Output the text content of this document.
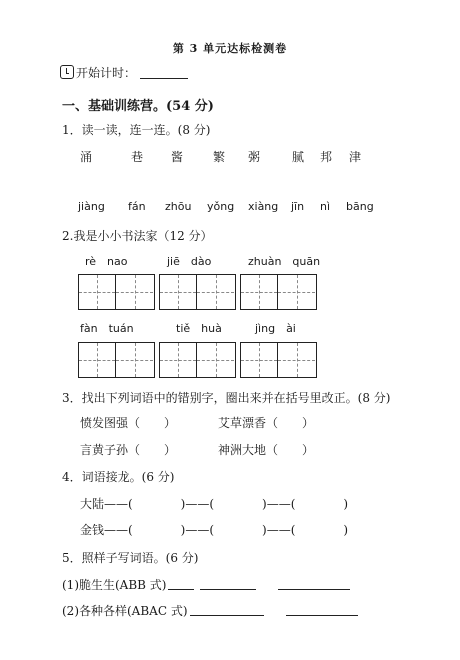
第 3 单元达标检测卷
开始计时：
一、基础训练营。(54 分)
1．读一读，连一连。(8 分)
涌	巷 酱 繁 粥	腻 邦 津
jiàng fán zhōu yǒng xiàng jīn nì bāng
2.我是小小书法家（12 分）
rè　nao	jiē　dào	zhuàn　quān
fàn　tuán	tiě　huà	jìng　ài
3．找出下列词语中的错别字，圈出来并在括号里改正。(8 分)
愤发图强（　　）	艾草漂香（　　）
言黄子孙（　　）	神洲大地（　　）
4．词语接龙。(6 分)
大陆——(　　　　)——(　　　　)——(　　　　)
金钱——(　　　　)——(　　　　)——(　　　　)
5．照样子写词语。(6 分)
(1)脆生生(ABB 式)
(2)各种各样(ABAC 式)
